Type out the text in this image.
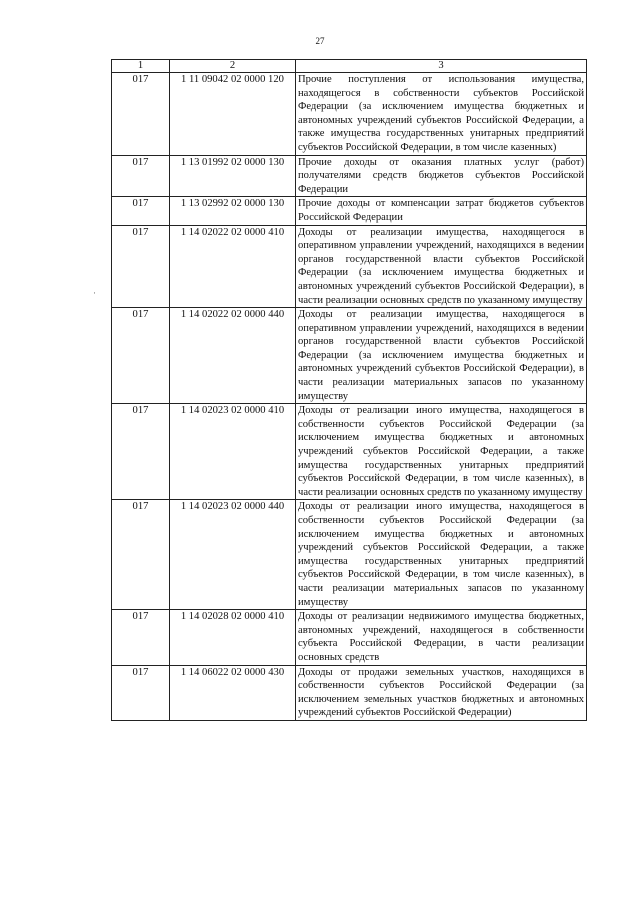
27
·
1	2	3
017	1 11 09042 02 0000 120	Прочие поступления от использования имущества, находящегося в собственности субъектов Российской Федерации (за исключением имущества бюджетных и автономных учреждений субъектов Российской Федерации, а также имущества государственных унитарных предприятий субъектов Российской Федерации, в том числе казенных)
017	1 13 01992 02 0000 130	Прочие доходы от оказания платных услуг (работ) получателями средств бюджетов субъектов Российской Федерации
017	1 13 02992 02 0000 130	Прочие доходы от компенсации затрат бюджетов субъектов Российской Федерации
017	1 14 02022 02 0000 410	Доходы от реализации имущества, находящегося в оперативном управлении учреждений, находящихся в ведении органов государственной власти субъектов Российской Федерации (за исключением имущества бюджетных и автономных учреждений субъектов Российской Федерации), в части реализации основных средств по указанному имуществу
017	1 14 02022 02 0000 440	Доходы от реализации имущества, находящегося в оперативном управлении учреждений, находящихся в ведении органов государственной власти субъектов Российской Федерации (за исключением имущества бюджетных и автономных учреждений субъектов Российской Федерации), в части реализации материальных запасов по указанному имуществу
017	1 14 02023 02 0000 410	Доходы от реализации иного имущества, находящегося в собственности субъектов Российской Федерации (за исключением имущества бюджетных и автономных учреждений субъектов Российской Федерации, а также имущества государственных унитарных предприятий субъектов Российской Федерации, в том числе казенных), в части реализации основных средств по указанному имуществу
017	1 14 02023 02 0000 440	Доходы от реализации иного имущества, находящегося в собственности субъектов Российской Федерации (за исключением имущества бюджетных и автономных учреждений субъектов Российской Федерации, а также имущества государственных унитарных предприятий субъектов Российской Федерации, в том числе казенных), в части реализации материальных запасов по указанному имуществу
017	1 14 02028 02 0000 410	Доходы от реализации недвижимого имущества бюджетных, автономных учреждений, находящегося в собственности субъекта Российской Федерации, в части реализации основных средств
017	1 14 06022 02 0000 430	Доходы от продажи земельных участков, находящихся в собственности субъектов Российской Федерации (за исключением земельных участков бюджетных и автономных учреждений субъектов Российской Федерации)
